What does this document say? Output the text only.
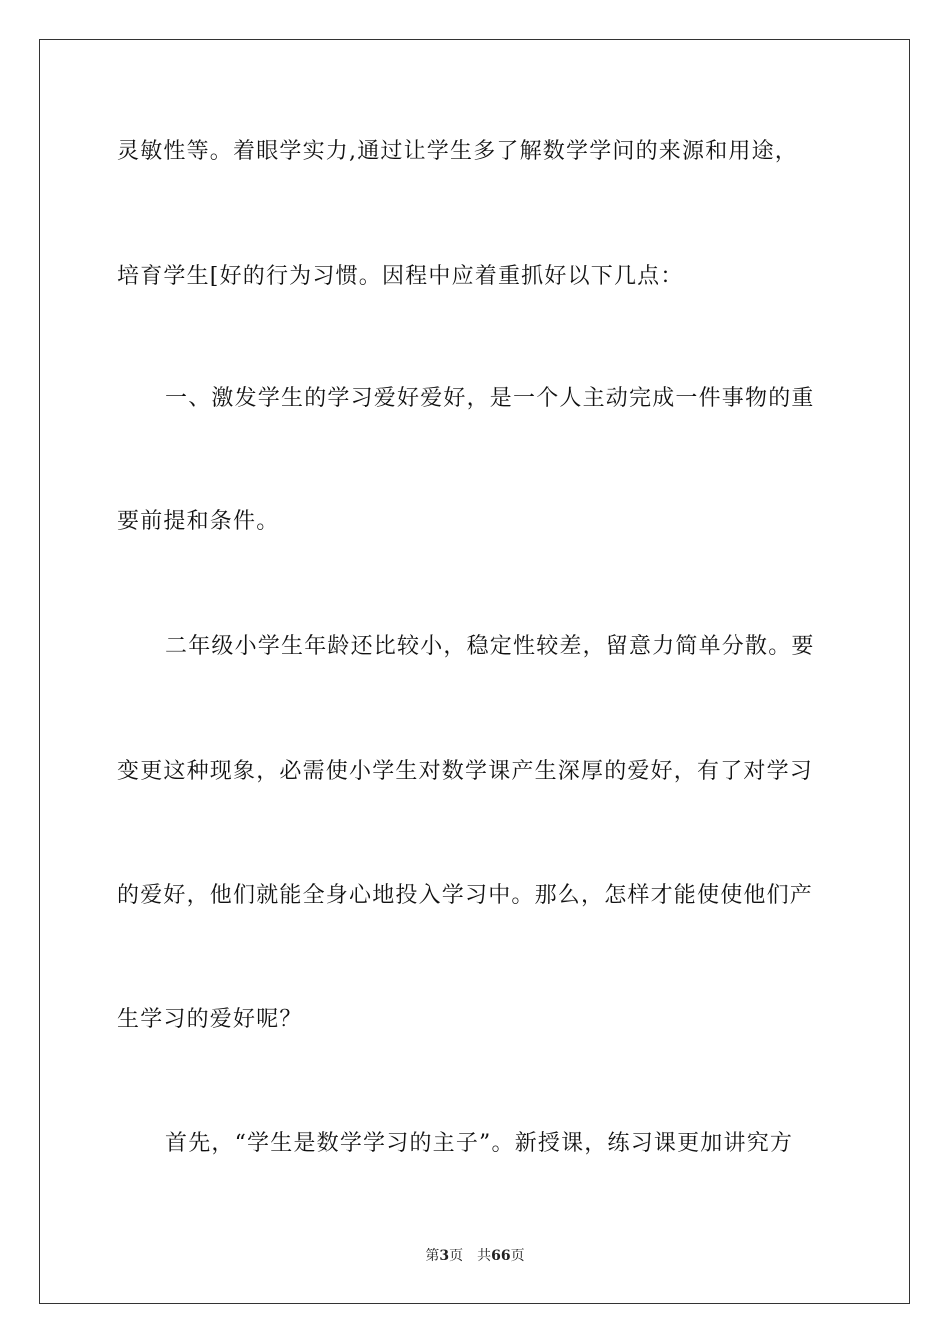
灵敏性等。着眼学实力,通过让学生多了解数学学问的来源和用途，
培育学生[好的行为习惯。因程中应着重抓好以下几点：
一、激发学生的学习爱好爱好，是一个人主动完成一件事物的重
要前提和条件。
二年级小学生年龄还比较小，稳定性较差，留意力简单分散。要
变更这种现象，必需使小学生对数学课产生深厚的爱好，有了对学习
的爱好，他们就能全身心地投入学习中。那么，怎样才能使使他们产
生学习的爱好呢？
首先，“学生是数学学习的主子”。新授课，练习课更加讲究方
第3页 共66页
